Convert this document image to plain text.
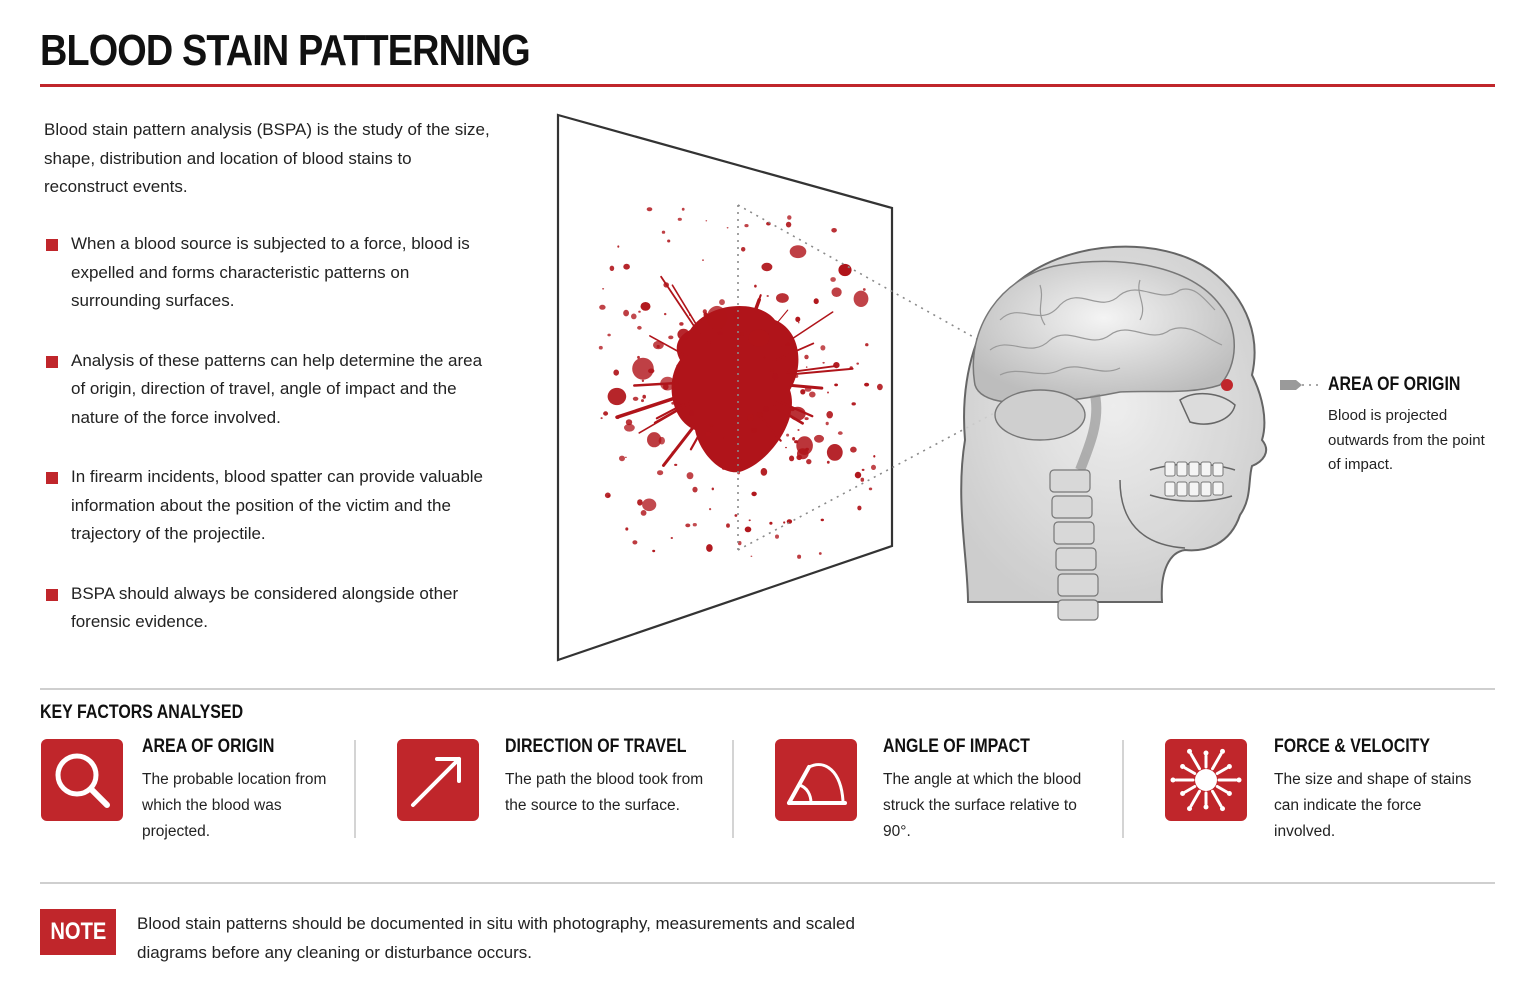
BLOOD STAIN PATTERNING

Blood stain pattern analysis (BSPA) is the study of the size, shape, distribution and location of blood stains to reconstruct events.

When a blood source is subjected to a force, blood is expelled and forms characteristic patterns on surrounding surfaces.
Analysis of these patterns can help determine the area of origin, direction of travel, angle of impact and the nature of the force involved.
In firearm incidents, blood spatter can provide valuable information about the position of the victim and the trajectory of the projectile.
BSPA should always be considered alongside other forensic evidence.
AREA OF ORIGIN
Blood is projected outwards from the point of impact.
KEY FACTORS ANALYSED
AREA OF ORIGIN
The probable location from which the blood was projected.
DIRECTION OF TRAVEL
The path the blood took from the source to the surface.
ANGLE OF IMPACT
The angle at which the blood struck the surface relative to 90°.
FORCE & VELOCITY
The size and shape of stains can indicate the force involved.
NOTE Blood stain patterns should be documented in situ with photography, measurements and scaled diagrams before any cleaning or disturbance occurs.
